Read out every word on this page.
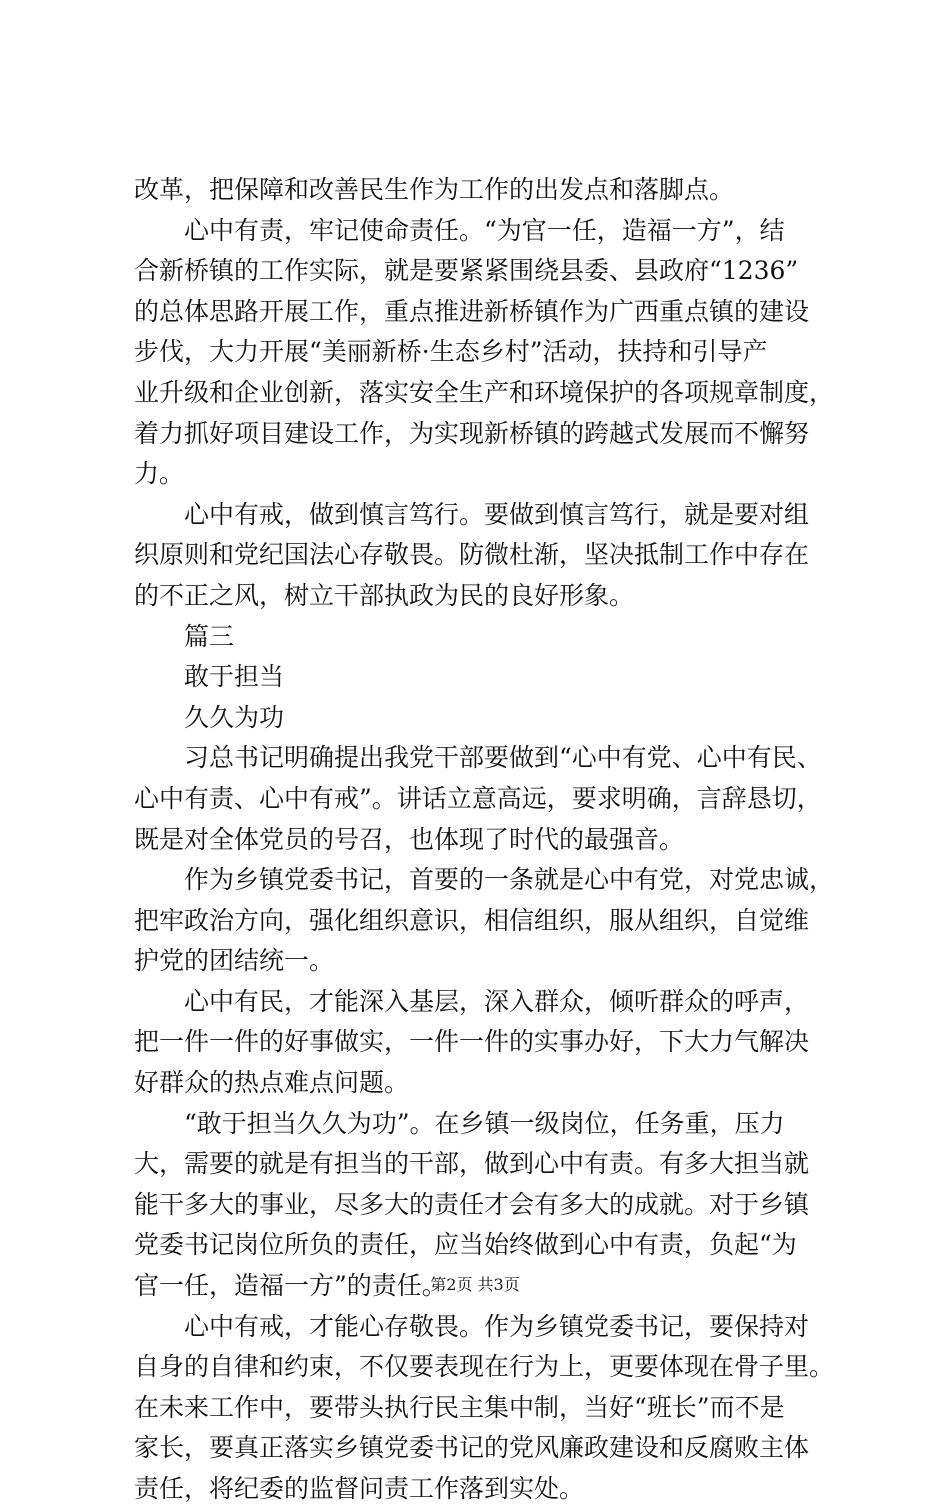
改革，把保障和改善民生作为工作的出发点和落脚点。
心中有责，牢记使命责任。“为官一任，造福一方”，结
合新桥镇的工作实际，就是要紧紧围绕县委、县政府“1236”
的总体思路开展工作，重点推进新桥镇作为广西重点镇的建设
步伐，大力开展“美丽新桥·生态乡村”活动，扶持和引导产
业升级和企业创新，落实安全生产和环境保护的各项规章制度，
着力抓好项目建设工作，为实现新桥镇的跨越式发展而不懈努
力。
心中有戒，做到慎言笃行。要做到慎言笃行，就是要对组
织原则和党纪国法心存敬畏。防微杜渐，坚决抵制工作中存在
的不正之风，树立干部执政为民的良好形象。
篇三
敢于担当
久久为功
习总书记明确提出我党干部要做到“心中有党、心中有民、
心中有责、心中有戒”。讲话立意高远，要求明确，言辞恳切，
既是对全体党员的号召，也体现了时代的最强音。
作为乡镇党委书记，首要的一条就是心中有党，对党忠诚，
把牢政治方向，强化组织意识，相信组织，服从组织，自觉维
护党的团结统一。
心中有民，才能深入基层，深入群众，倾听群众的呼声，
把一件一件的好事做实，一件一件的实事办好，下大力气解决
好群众的热点难点问题。
“敢于担当久久为功”。在乡镇一级岗位，任务重，压力
大，需要的就是有担当的干部，做到心中有责。有多大担当就
能干多大的事业，尽多大的责任才会有多大的成就。对于乡镇
党委书记岗位所负的责任，应当始终做到心中有责，负起“为
官一任，造福一方”的责任。
心中有戒，才能心存敬畏。作为乡镇党委书记，要保持对
自身的自律和约束，不仅要表现在行为上，更要体现在骨子里。
在未来工作中，要带头执行民主集中制，当好“班长”而不是
家长，要真正落实乡镇党委书记的党风廉政建设和反腐败主体
责任，将纪委的监督问责工作落到实处。
第2页 共3页
